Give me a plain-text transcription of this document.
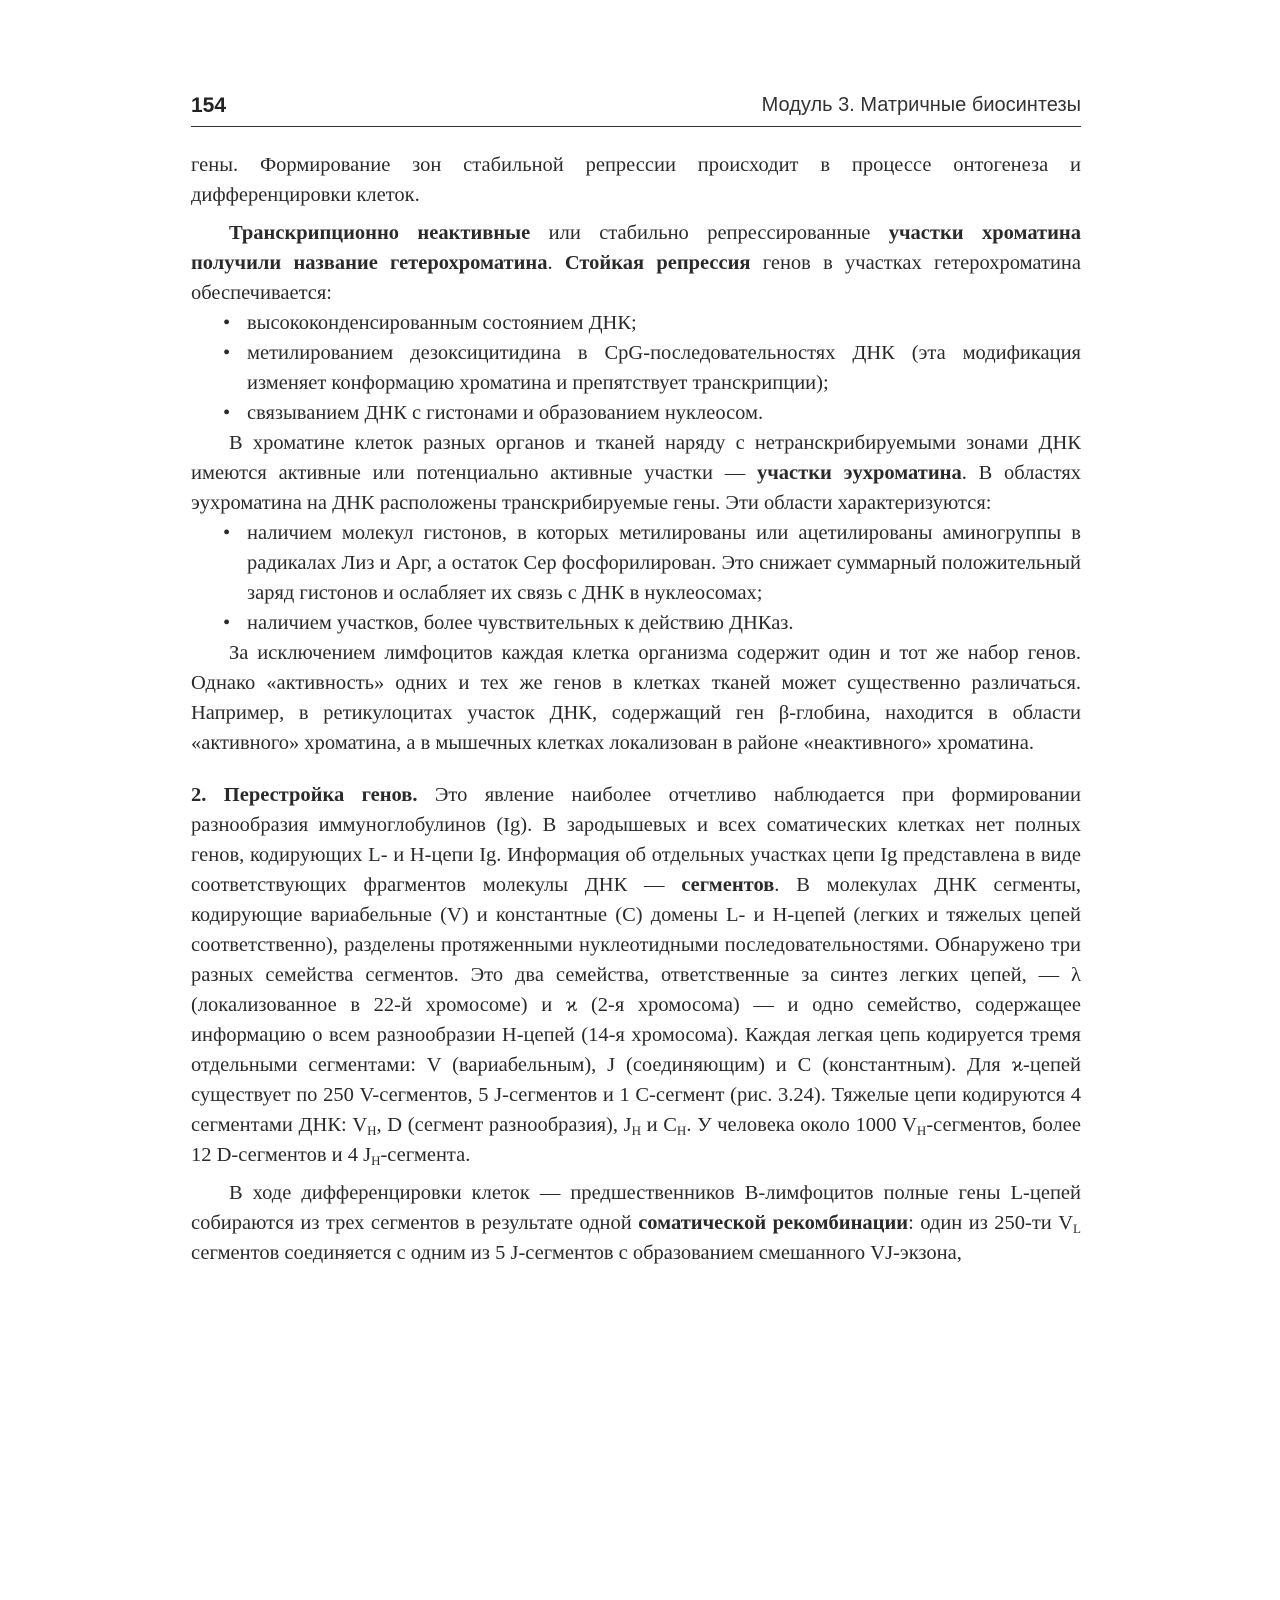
154	Модуль 3. Матричные биосинтезы

гены. Формирование зон стабильной репрессии происходит в процессе онтогенеза и дифференцировки клеток.

Транскрипционно неактивные или стабильно репрессированные участки хроматина получили название гетерохроматина. Стойкая репрессия генов в участках гетерохроматина обеспечивается:

• высококонденсированным состоянием ДНК;
• метилированием дезоксицитидина в CpG-последовательностях ДНК (эта модификация изменяет конформацию хроматина и препятствует транскрипции);
• связыванием ДНК с гистонами и образованием нуклеосом.

В хроматине клеток разных органов и тканей наряду с нетранскрибируемыми зонами ДНК имеются активные или потенциально активные участки — участки эухроматина. В областях эухроматина на ДНК расположены транскрибируемые гены. Эти области характеризуются:

• наличием молекул гистонов, в которых метилированы или ацетилированы аминогруппы в радикалах Лиз и Арг, а остаток Сер фосфорилирован. Это снижает суммарный положительный заряд гистонов и ослабляет их связь с ДНК в нуклеосомах;
• наличием участков, более чувствительных к действию ДНКаз.

За исключением лимфоцитов каждая клетка организма содержит один и тот же набор генов. Однако «активность» одних и тех же генов в клетках тканей может существенно различаться. Например, в ретикулоцитах участок ДНК, содержащий ген β-глобина, находится в области «активного» хроматина, а в мышечных клетках локализован в районе «неактивного» хроматина.

2. Перестройка генов. Это явление наиболее отчетливо наблюдается при формировании разнообразия иммуноглобулинов (Ig). В зародышевых и всех соматических клетках нет полных генов, кодирующих L- и H-цепи Ig. Информация об отдельных участках цепи Ig представлена в виде соответствующих фрагментов молекулы ДНК — сегментов. В молекулах ДНК сегменты, кодирующие вариабельные (V) и константные (C) домены L- и H-цепей (легких и тяжелых цепей соответственно), разделены протяженными нуклеотидными последовательностями. Обнаружено три разных семейства сегментов. Это два семейства, ответственные за синтез легких цепей, — λ (локализованное в 22-й хромосоме) и ϰ (2-я хромосома) — и одно семейство, содержащее информацию о всем разнообразии H-цепей (14-я хромосома). Каждая легкая цепь кодируется тремя отдельными сегментами: V (вариабельным), J (соединяющим) и C (константным). Для ϰ-цепей существует по 250 V-сегментов, 5 J-сегментов и 1 C-сегмент (рис. 3.24). Тяжелые цепи кодируются 4 сегментами ДНК: $V_H$, D (сегмент разнообразия), $J_H$ и $C_H$. У человека около 1000 $V_H$-сегментов, более 12 D-сегментов и 4 $J_H$-сегмента.

В ходе дифференцировки клеток — предшественников В-лимфоцитов полные гены L-цепей собираются из трех сегментов в результате одной соматической рекомбинации: один из 250-ти $V_L$ сегментов соединяется с одним из 5 J-сегментов с образованием смешанного VJ-экзона,
